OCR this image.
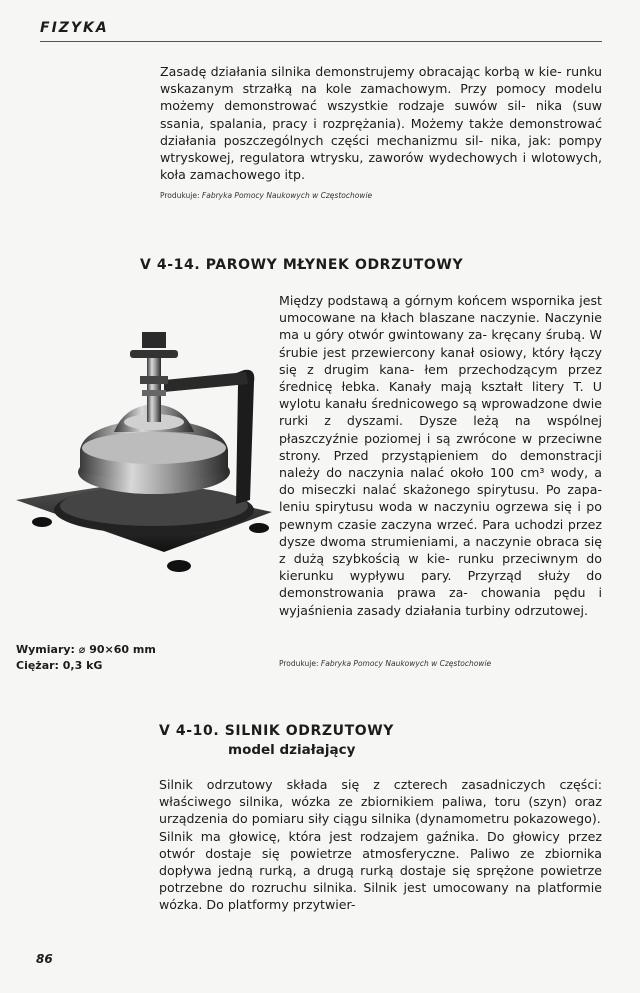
FIZYKA

Zasadę działania silnika demonstrujemy obracając korbą w kie- runku wskazanym strzałką na kole zamachowym. Przy pomocy modelu możemy demonstrować wszystkie rodzaje suwów sil- nika (suw ssania, spalania, pracy i rozprężania). Możemy także demonstrować działania poszczególnych części mechanizmu sil- nika, jak: pompy wtryskowej, regulatora wtrysku, zaworów wydechowych i wlotowych, koła zamachowego itp.

Produkuje: Fabryka Pomocy Naukowych w Częstochowie
V 4-14. PAROWY MŁYNEK ODRZUTOWY

Między podstawą a górnym końcem wspornika jest umocowane na kłach blaszane naczynie. Naczynie ma u góry otwór gwintowany za- kręcany śrubą. W śrubie jest przewiercony kanał osiowy, który łączy się z drugim kana- łem przechodzącym przez średnicę łebka. Kanały mają kształt litery T. U wylotu kanału średnicowego są wprowadzone dwie rurki z dyszami. Dysze leżą na wspólnej płaszczyźnie poziomej i są zwrócone w przeciwne strony. Przed przystąpieniem do demonstracji należy do naczynia nalać około 100 cm³ wody, a do miseczki nalać skażonego spirytusu. Po zapa- leniu spirytusu woda w naczyniu ogrzewa się i po pewnym czasie zaczyna wrzeć. Para uchodzi przez dysze dwoma strumieniami, a naczynie obraca się z dużą szybkością w kie- runku przeciwnym do kierunku wypływu pary. Przyrząd służy do demonstrowania prawa za- chowania pędu i wyjaśnienia zasady działania turbiny odrzutowej.

Wymiary: ⌀ 90×60 mm
Ciężar: 0,3 kG	Produkuje: Fabryka Pomocy Naukowych w Częstochowie
V 4-10. SILNIK ODRZUTOWY
model działający

Silnik odrzutowy składa się z czterech zasadniczych części: właściwego silnika, wózka ze zbiornikiem paliwa, toru (szyn) oraz urządzenia do pomiaru siły ciągu silnika (dynamometru pokazowego).
Silnik ma głowicę, która jest rodzajem gaźnika. Do głowicy przez otwór dostaje się powietrze atmosferyczne. Paliwo ze zbiornika dopływa jedną rurką, a drugą rurką dostaje się sprężone powietrze potrzebne do rozruchu silnika. Silnik jest umocowany na platformie wózka. Do platformy przytwier-

86
